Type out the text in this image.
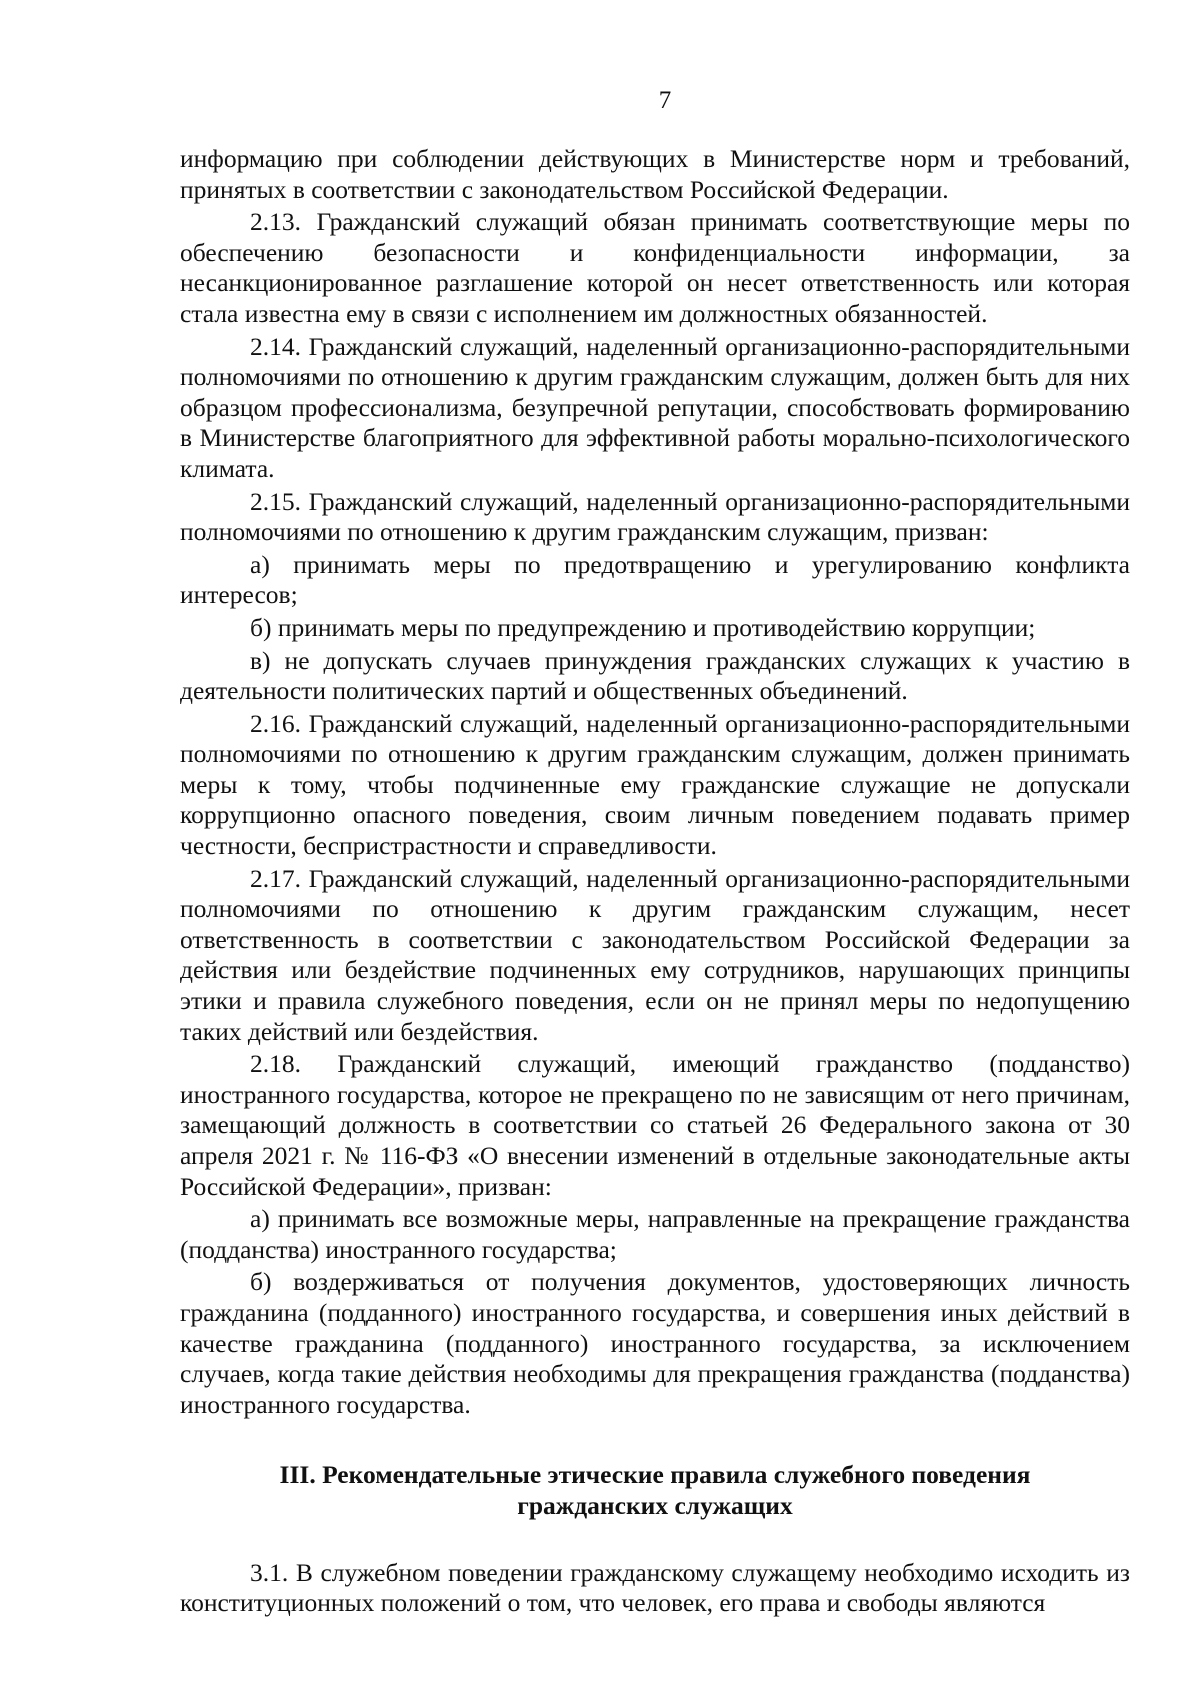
7

информацию при соблюдении действующих в Министерстве норм и требований, принятых в соответствии с законодательством Российской Федерации.

2.13. Гражданский служащий обязан принимать соответствующие меры по обеспечению безопасности и конфиденциальности информации, за несанкционированное разглашение которой он несет ответственность или которая стала известна ему в связи с исполнением им должностных обязанностей.

2.14. Гражданский служащий, наделенный организационно-распорядительными полномочиями по отношению к другим гражданским служащим, должен быть для них образцом профессионализма, безупречной репутации, способствовать формированию в Министерстве благоприятного для эффективной работы морально-психологического климата.

2.15. Гражданский служащий, наделенный организационно-распорядительными полномочиями по отношению к другим гражданским служащим, призван:

а) принимать меры по предотвращению и урегулированию конфликта интересов;

б) принимать меры по предупреждению и противодействию коррупции;

в) не допускать случаев принуждения гражданских служащих к участию в деятельности политических партий и общественных объединений.

2.16. Гражданский служащий, наделенный организационно-распорядительными полномочиями по отношению к другим гражданским служащим, должен принимать меры к тому, чтобы подчиненные ему гражданские служащие не допускали коррупционно опасного поведения, своим личным поведением подавать пример честности, беспристрастности и справедливости.

2.17. Гражданский служащий, наделенный организационно-распорядительными полномочиями по отношению к другим гражданским служащим, несет ответственность в соответствии с законодательством Российской Федерации за действия или бездействие подчиненных ему сотрудников, нарушающих принципы этики и правила служебного поведения, если он не принял меры по недопущению таких действий или бездействия.

2.18. Гражданский служащий, имеющий гражданство (подданство) иностранного государства, которое не прекращено по не зависящим от него причинам, замещающий должность в соответствии со статьей 26 Федерального закона от 30 апреля 2021 г. № 116-ФЗ «О внесении изменений в отдельные законодательные акты Российской Федерации», призван:

а) принимать все возможные меры, направленные на прекращение гражданства (подданства) иностранного государства;

б) воздерживаться от получения документов, удостоверяющих личность гражданина (подданного) иностранного государства, и совершения иных действий в качестве гражданина (подданного) иностранного государства, за исключением случаев, когда такие действия необходимы для прекращения гражданства (подданства) иностранного государства.

III. Рекомендательные этические правила служебного поведения гражданских служащих

3.1. В служебном поведении гражданскому служащему необходимо исходить из конституционных положений о том, что человек, его права и свободы являются
